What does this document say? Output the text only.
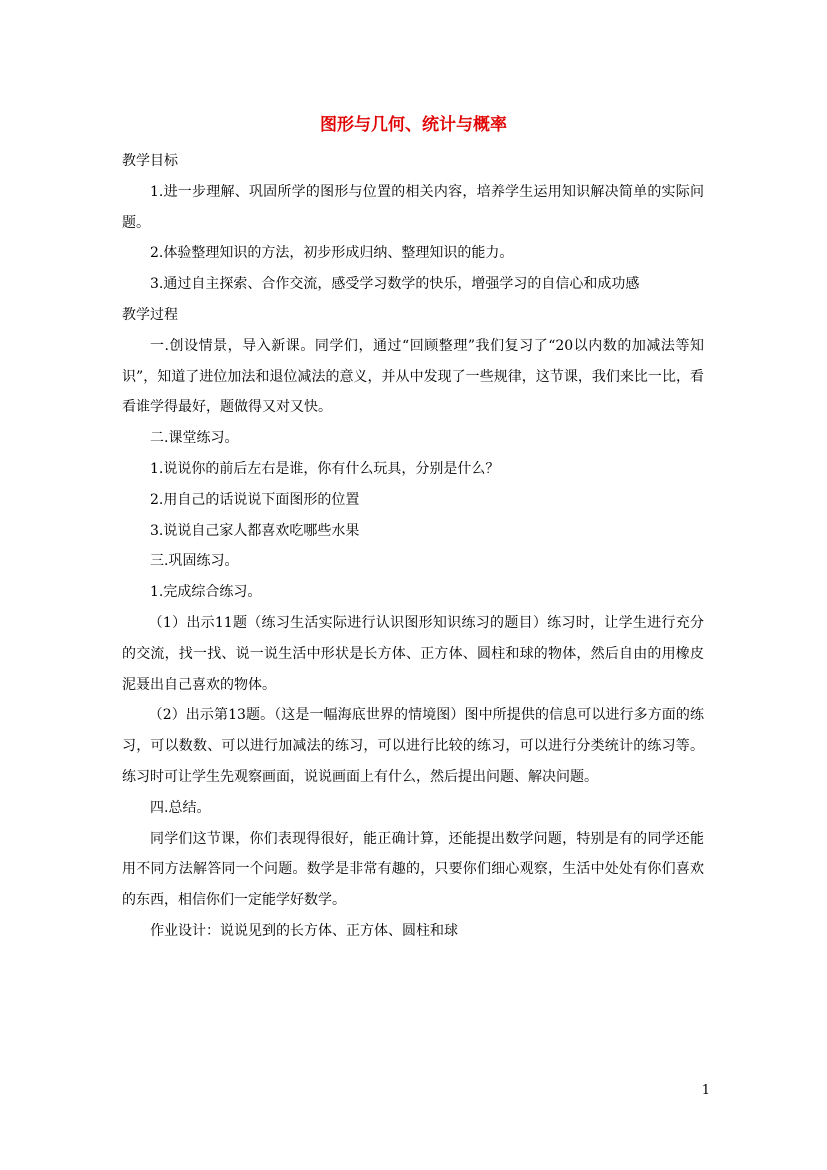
图形与几何、统计与概率

教学目标

1.进一步理解、巩固所学的图形与位置的相关内容，培养学生运用知识解决简单的实际问题。

2.体验整理知识的方法，初步形成归纳、整理知识的能力。

3.通过自主探索、合作交流，感受学习数学的快乐，增强学习的自信心和成功感

教学过程

一.创设情景，导入新课。同学们，通过“回顾整理”我们复习了“20以内数的加减法等知识”，知道了进位加法和退位减法的意义，并从中发现了一些规律，这节课，我们来比一比，看看谁学得最好，题做得又对又快。

二.课堂练习。

1.说说你的前后左右是谁，你有什么玩具，分别是什么？

2.用自己的话说说下面图形的位置

3.说说自己家人都喜欢吃哪些水果

三.巩固练习。

1.完成综合练习。

（1）出示11题（练习生活实际进行认识图形知识练习的题目）练习时，让学生进行充分的交流，找一找、说一说生活中形状是长方体、正方体、圆柱和球的物体，然后自由的用橡皮泥聂出自己喜欢的物体。

（2）出示第13题。（这是一幅海底世界的情境图）图中所提供的信息可以进行多方面的练习，可以数数、可以进行加减法的练习，可以进行比较的练习，可以进行分类统计的练习等。练习时可让学生先观察画面，说说画面上有什么，然后提出问题、解决问题。

四.总结。

同学们这节课，你们表现得很好，能正确计算，还能提出数学问题，特别是有的同学还能用不同方法解答同一个问题。数学是非常有趣的，只要你们细心观察，生活中处处有你们喜欢的东西，相信你们一定能学好数学。

作业设计：说说见到的长方体、正方体、圆柱和球

1
